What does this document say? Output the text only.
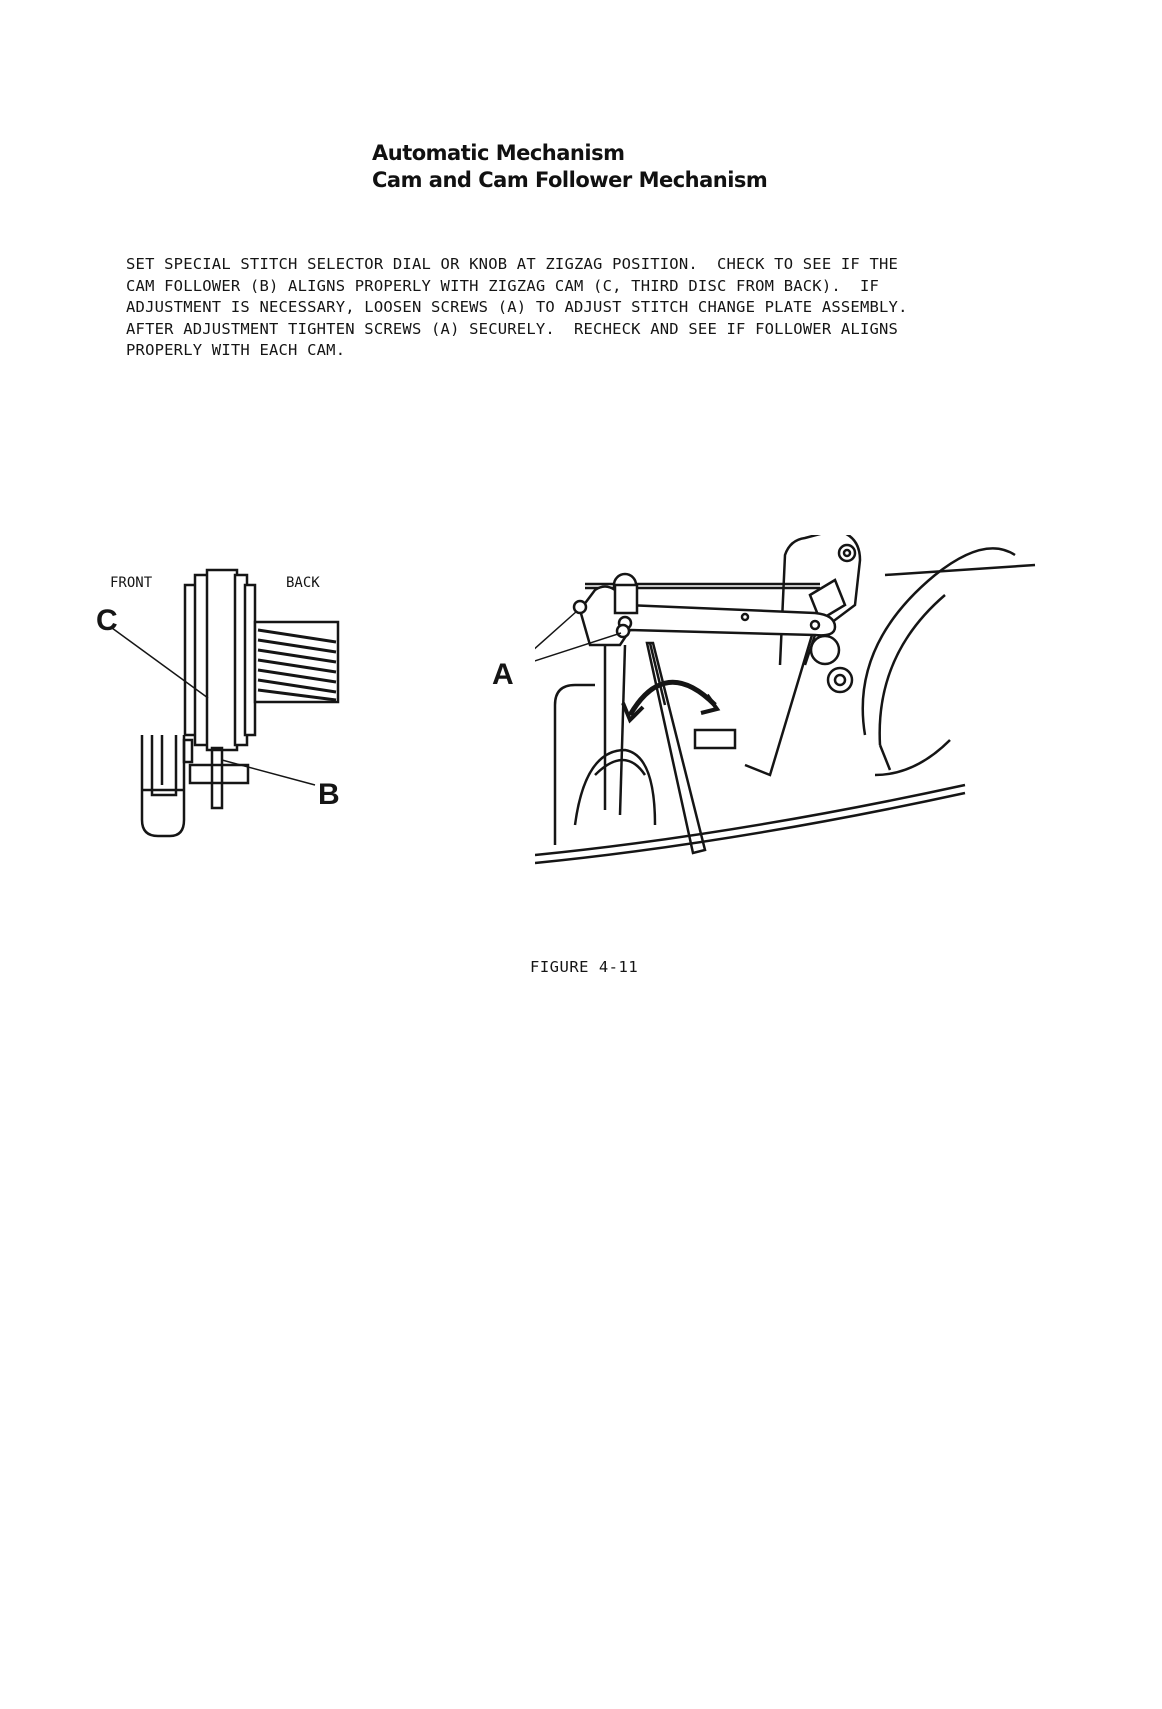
Automatic Mechanism
Cam and Cam Follower Mechanism
SET SPECIAL STITCH SELECTOR DIAL OR KNOB AT ZIGZAG POSITION.  CHECK TO SEE IF THE
CAM FOLLOWER (B) ALIGNS PROPERLY WITH ZIGZAG CAM (C, THIRD DISC FROM BACK).  IF
ADJUSTMENT IS NECESSARY, LOOSEN SCREWS (A) TO ADJUST STITCH CHANGE PLATE ASSEMBLY.
AFTER ADJUSTMENT TIGHTEN SCREWS (A) SECURELY.  RECHECK AND SEE IF FOLLOWER ALIGNS
PROPERLY WITH EACH CAM.
FRONT	BACK
C
B
A
FIGURE 4-11
